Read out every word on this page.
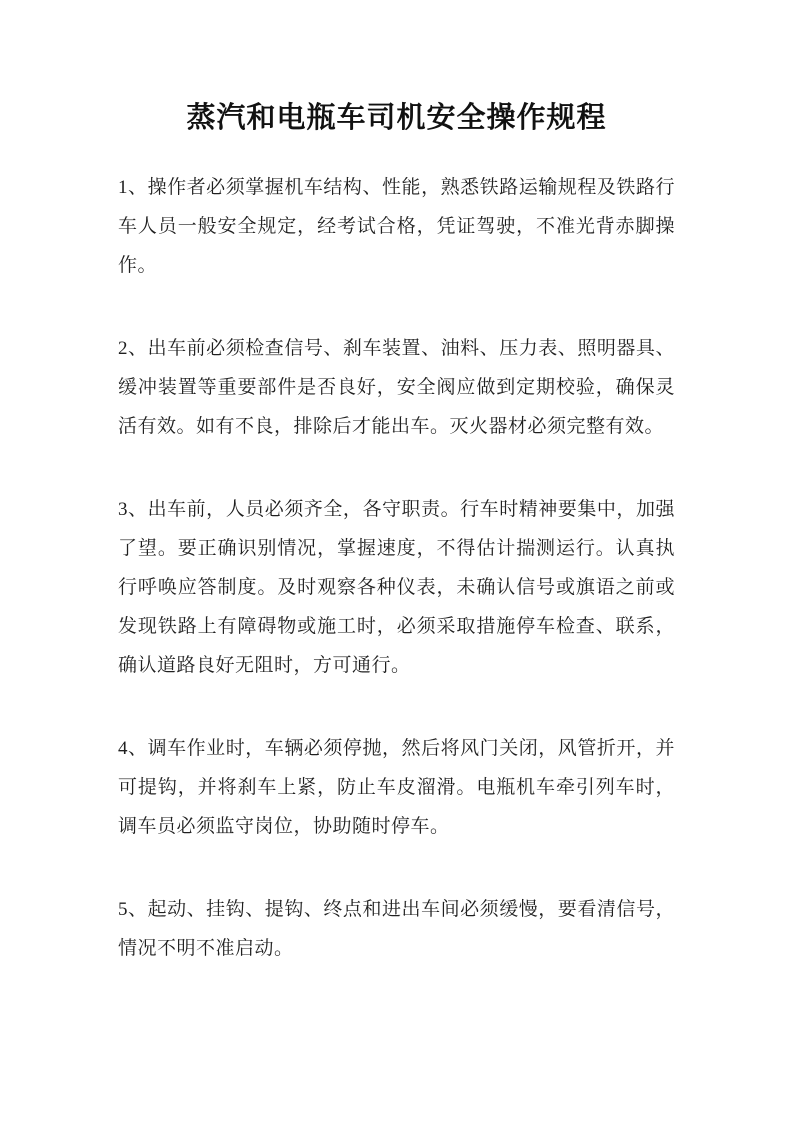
蒸汽和电瓶车司机安全操作规程

1、操作者必须掌握机车结构、性能，熟悉铁路运输规程及铁路行车人员一般安全规定，经考试合格，凭证驾驶，不准光背赤脚操作。

2、出车前必须检查信号、刹车装置、油料、压力表、照明器具、缓冲装置等重要部件是否良好，安全阀应做到定期校验，确保灵活有效。如有不良，排除后才能出车。灭火器材必须完整有效。

3、出车前，人员必须齐全，各守职责。行车时精神要集中，加强了望。要正确识别情况，掌握速度，不得估计揣测运行。认真执行呼唤应答制度。及时观察各种仪表，未确认信号或旗语之前或发现铁路上有障碍物或施工时，必须采取措施停车检查、联系，确认道路良好无阻时，方可通行。

4、调车作业时，车辆必须停抛，然后将风门关闭，风管折开，并可提钩，并将刹车上紧，防止车皮溜滑。电瓶机车牵引列车时，调车员必须监守岗位，协助随时停车。

5、起动、挂钩、提钩、终点和进出车间必须缓慢，要看清信号，情况不明不准启动。
